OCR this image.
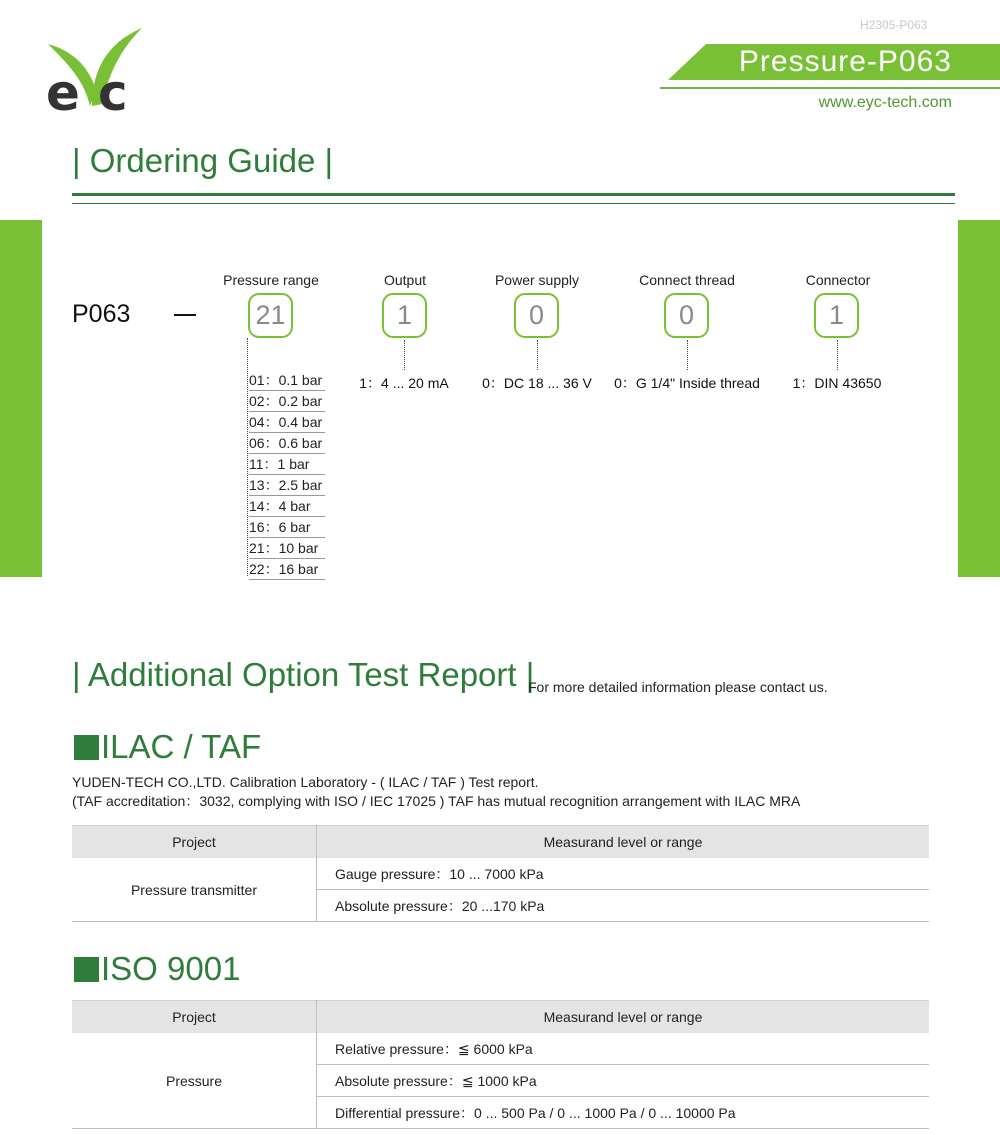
e c
H2305-P063
Pressure-P063
www.eyc-tech.com
| Ordering Guide |
P063
Pressure range
21
01：0.1 bar
02：0.2 bar
04：0.4 bar
06：0.6 bar
11：1 bar
13：2.5 bar
14：4 bar
16：6 bar
21：10 bar
22：16 bar
Output
1
1：4 ... 20 mA
Power supply
0
0：DC 18 ... 36 V
Connect thread
0
0：G 1/4" Inside thread
Connector
1
1：DIN 43650
| Additional Option Test Report |
For more detailed information please contact us.
ILAC / TAF
YUDEN-TECH CO.,LTD. Calibration Laboratory - ( ILAC / TAF ) Test report.
(TAF accreditation：3032, complying with ISO / IEC 17025 ) TAF has mutual recognition arrangement with ILAC MRA
Project	Measurand level or range
Pressure transmitter	Gauge pressure：10 ... 7000 kPa
	Absolute pressure：20 ...170 kPa
ISO 9001
Project	Measurand level or range
Pressure	Relative pressure：≦ 6000 kPa
	Absolute pressure：≦ 1000 kPa
	Differential pressure：0 ... 500 Pa / 0 ... 1000 Pa / 0 ... 10000 Pa
